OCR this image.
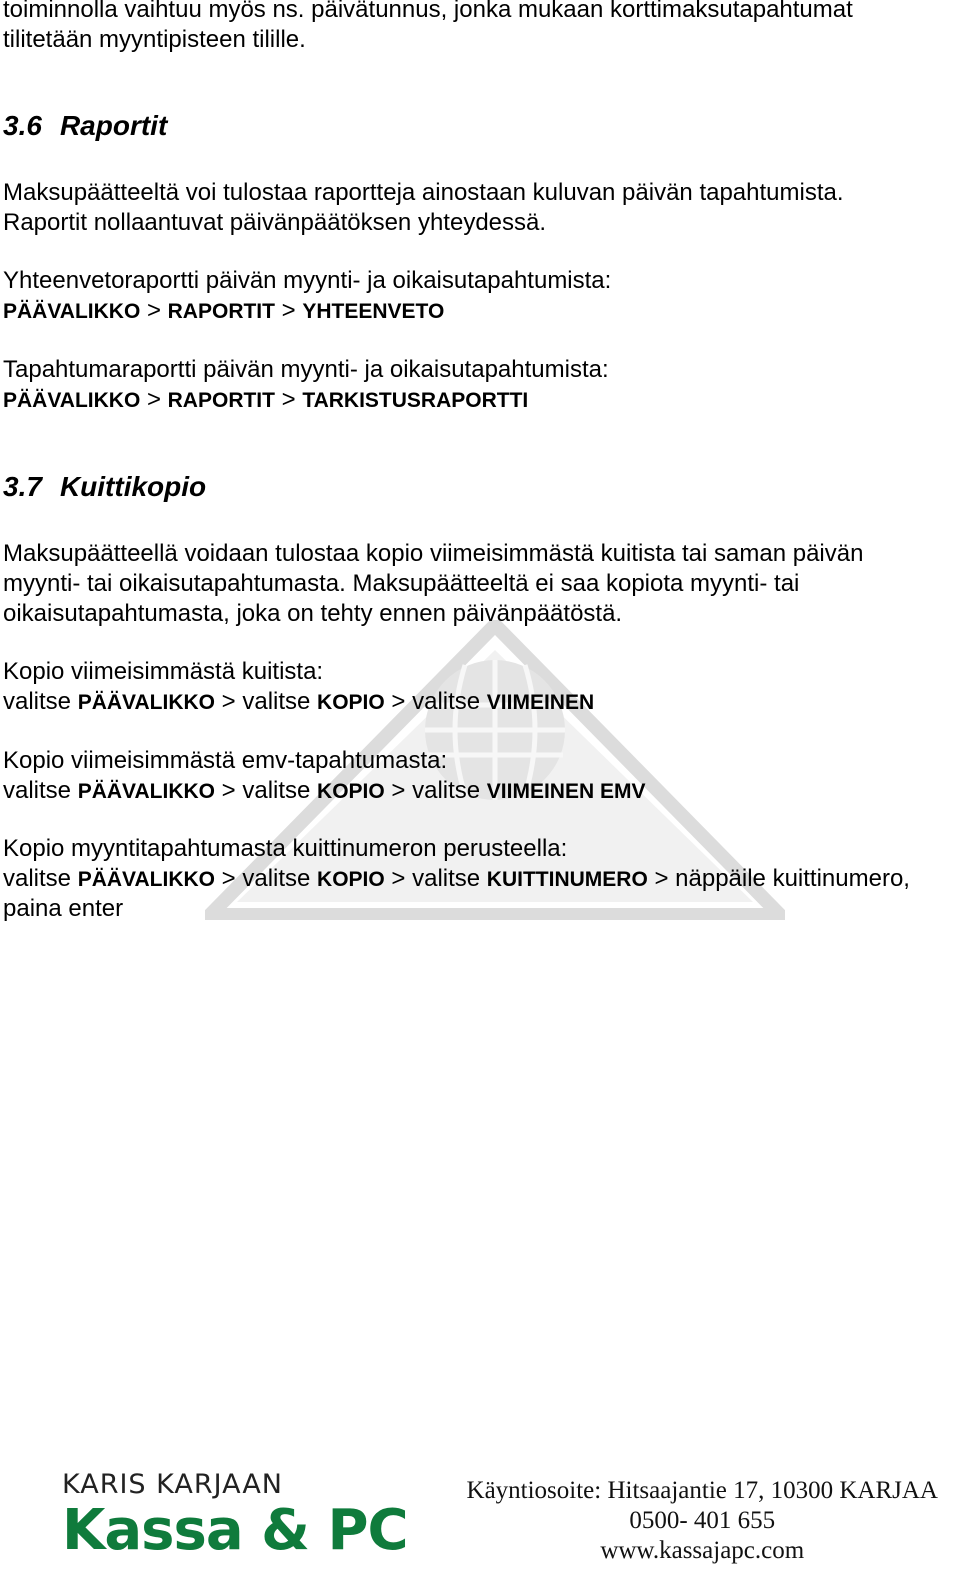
toiminnolla vaihtuu myös ns. päivätunnus, jonka mukaan korttimaksutapahtumat

tilitetään myyntipisteen tilille.

3.6 Raportit

Maksupäätteeltä voi tulostaa raportteja ainostaan kuluvan päivän tapahtumista.

Raportit nollaantuvat päivänpäätöksen yhteydessä.

Yhteenvetoraportti päivän myynti- ja oikaisutapahtumista:

PÄÄVALIKKO > RAPORTIT > YHTEENVETO

Tapahtumaraportti päivän myynti- ja oikaisutapahtumista:

PÄÄVALIKKO > RAPORTIT > TARKISTUSRAPORTTI

3.7 Kuittikopio

Maksupäätteellä voidaan tulostaa kopio viimeisimmästä kuitista tai saman päivän

myynti- tai oikaisutapahtumasta. Maksupäätteeltä ei saa kopiota myynti- tai

oikaisutapahtumasta, joka on tehty ennen päivänpäätöstä.

Kopio viimeisimmästä kuitista:

valitse PÄÄVALIKKO > valitse KOPIO > valitse VIIMEINEN

Kopio viimeisimmästä emv-tapahtumasta:

valitse PÄÄVALIKKO > valitse KOPIO > valitse VIIMEINEN EMV

Kopio myyntitapahtumasta kuittinumeron perusteella:

valitse PÄÄVALIKKO > valitse KOPIO > valitse KUITTINUMERO > näppäile kuittinumero,

paina enter

KARIS KARJAAN
Kassa & PC
Käyntiosoite: Hitsaajantie 17, 10300 KARJAA
0500- 401 655
www.kassajapc.com
